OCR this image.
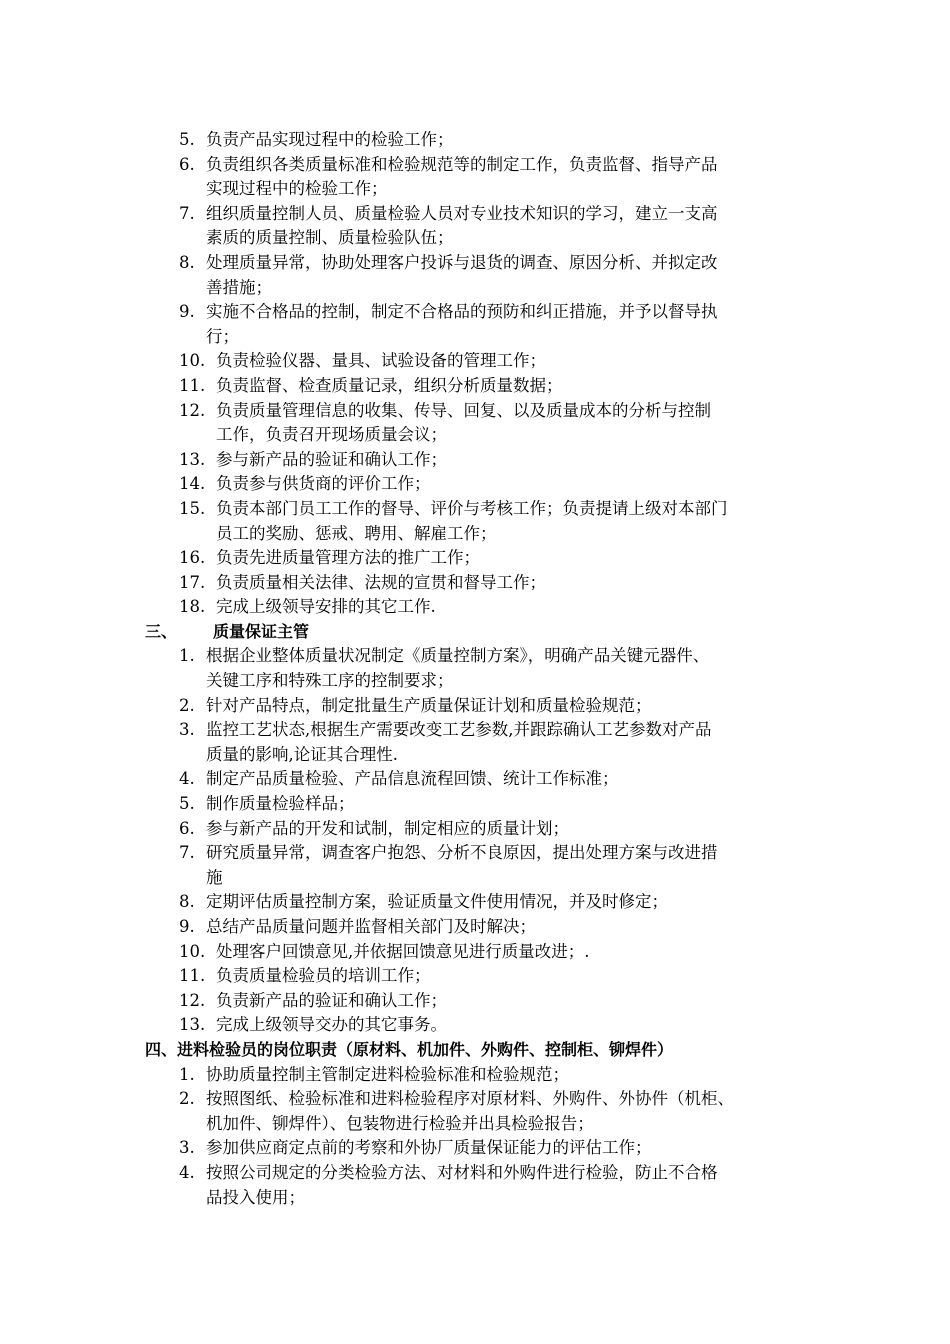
5. 负责产品实现过程中的检验工作；
6. 负责组织各类质量标准和检验规范等的制定工作，负责监督、指导产品
实现过程中的检验工作；
7. 组织质量控制人员、质量检验人员对专业技术知识的学习，建立一支高
素质的质量控制、质量检验队伍；
8. 处理质量异常，协助处理客户投诉与退货的调查、原因分析、并拟定改
善措施；
9. 实施不合格品的控制，制定不合格品的预防和纠正措施，并予以督导执
行；
10. 负责检验仪器、量具、试验设备的管理工作；
11. 负责监督、检查质量记录，组织分析质量数据；
12. 负责质量管理信息的收集、传导、回复、以及质量成本的分析与控制
工作，负责召开现场质量会议；
13. 参与新产品的验证和确认工作；
14. 负责参与供货商的评价工作；
15. 负责本部门员工工作的督导、评价与考核工作；负责提请上级对本部门
员工的奖励、惩戒、聘用、解雇工作；
16. 负责先进质量管理方法的推广工作；
17. 负责质量相关法律、法规的宣贯和督导工作；
18. 完成上级领导安排的其它工作.
三、 质量保证主管
1. 根据企业整体质量状况制定《质量控制方案》，明确产品关键元器件、
关键工序和特殊工序的控制要求；
2. 针对产品特点，制定批量生产质量保证计划和质量检验规范；
3. 监控工艺状态,根据生产需要改变工艺参数,并跟踪确认工艺参数对产品
质量的影响,论证其合理性.
4. 制定产品质量检验、产品信息流程回馈、统计工作标准；
5. 制作质量检验样品；
6. 参与新产品的开发和试制，制定相应的质量计划；
7. 研究质量异常，调查客户抱怨、分析不良原因，提出处理方案与改进措
施
8. 定期评估质量控制方案，验证质量文件使用情况，并及时修定；
9. 总结产品质量问题并监督相关部门及时解决；
10. 处理客户回馈意见,并依据回馈意见进行质量改进；.
11. 负责质量检验员的培训工作；
12. 负责新产品的验证和确认工作；
13. 完成上级领导交办的其它事务。
四、进料检验员的岗位职责（原材料、机加件、外购件、控制柜、铆焊件）
1. 协助质量控制主管制定进料检验标准和检验规范；
2. 按照图纸、检验标准和进料检验程序对原材料、外购件、外协件（机柜、
机加件、铆焊件）、包装物进行检验并出具检验报告；
3. 参加供应商定点前的考察和外协厂质量保证能力的评估工作；
4. 按照公司规定的分类检验方法、对材料和外购件进行检验，防止不合格
品投入使用；
